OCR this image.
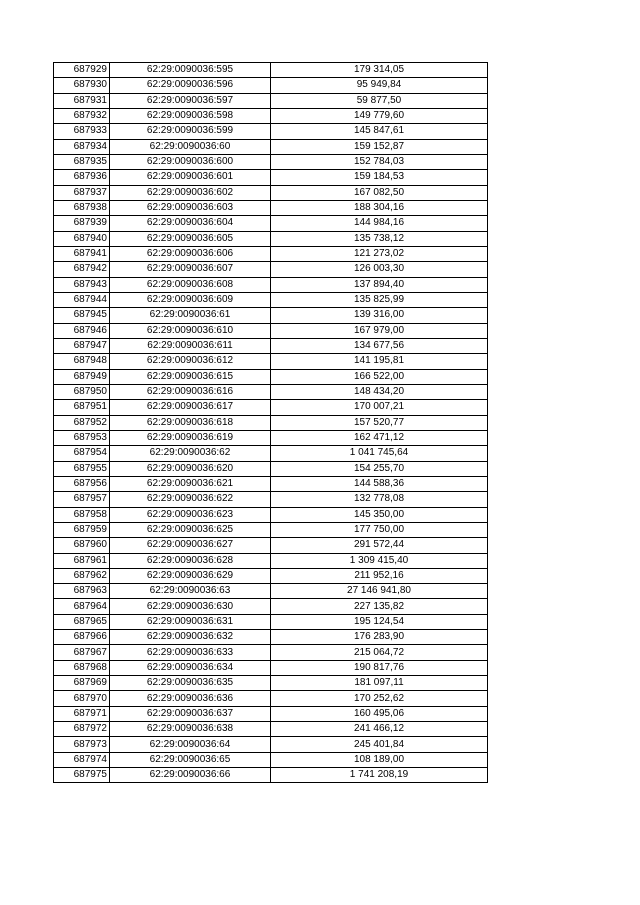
687929	62:29:0090036:595	179 314,05
687930	62:29:0090036:596	95 949,84
687931	62:29:0090036:597	59 877,50
687932	62:29:0090036:598	149 779,60
687933	62:29:0090036:599	145 847,61
687934	62:29:0090036:60	159 152,87
687935	62:29:0090036:600	152 784,03
687936	62:29:0090036:601	159 184,53
687937	62:29:0090036:602	167 082,50
687938	62:29:0090036:603	188 304,16
687939	62:29:0090036:604	144 984,16
687940	62:29:0090036:605	135 738,12
687941	62:29:0090036:606	121 273,02
687942	62:29:0090036:607	126 003,30
687943	62:29:0090036:608	137 894,40
687944	62:29:0090036:609	135 825,99
687945	62:29:0090036:61	139 316,00
687946	62:29:0090036:610	167 979,00
687947	62:29:0090036:611	134 677,56
687948	62:29:0090036:612	141 195,81
687949	62:29:0090036:615	166 522,00
687950	62:29:0090036:616	148 434,20
687951	62:29:0090036:617	170 007,21
687952	62:29:0090036:618	157 520,77
687953	62:29:0090036:619	162 471,12
687954	62:29:0090036:62	1 041 745,64
687955	62:29:0090036:620	154 255,70
687956	62:29:0090036:621	144 588,36
687957	62:29:0090036:622	132 778,08
687958	62:29:0090036:623	145 350,00
687959	62:29:0090036:625	177 750,00
687960	62:29:0090036:627	291 572,44
687961	62:29:0090036:628	1 309 415,40
687962	62:29:0090036:629	211 952,16
687963	62:29:0090036:63	27 146 941,80
687964	62:29:0090036:630	227 135,82
687965	62:29:0090036:631	195 124,54
687966	62:29:0090036:632	176 283,90
687967	62:29:0090036:633	215 064,72
687968	62:29:0090036:634	190 817,76
687969	62:29:0090036:635	181 097,11
687970	62:29:0090036:636	170 252,62
687971	62:29:0090036:637	160 495,06
687972	62:29:0090036:638	241 466,12
687973	62:29:0090036:64	245 401,84
687974	62:29:0090036:65	108 189,00
687975	62:29:0090036:66	1 741 208,19
